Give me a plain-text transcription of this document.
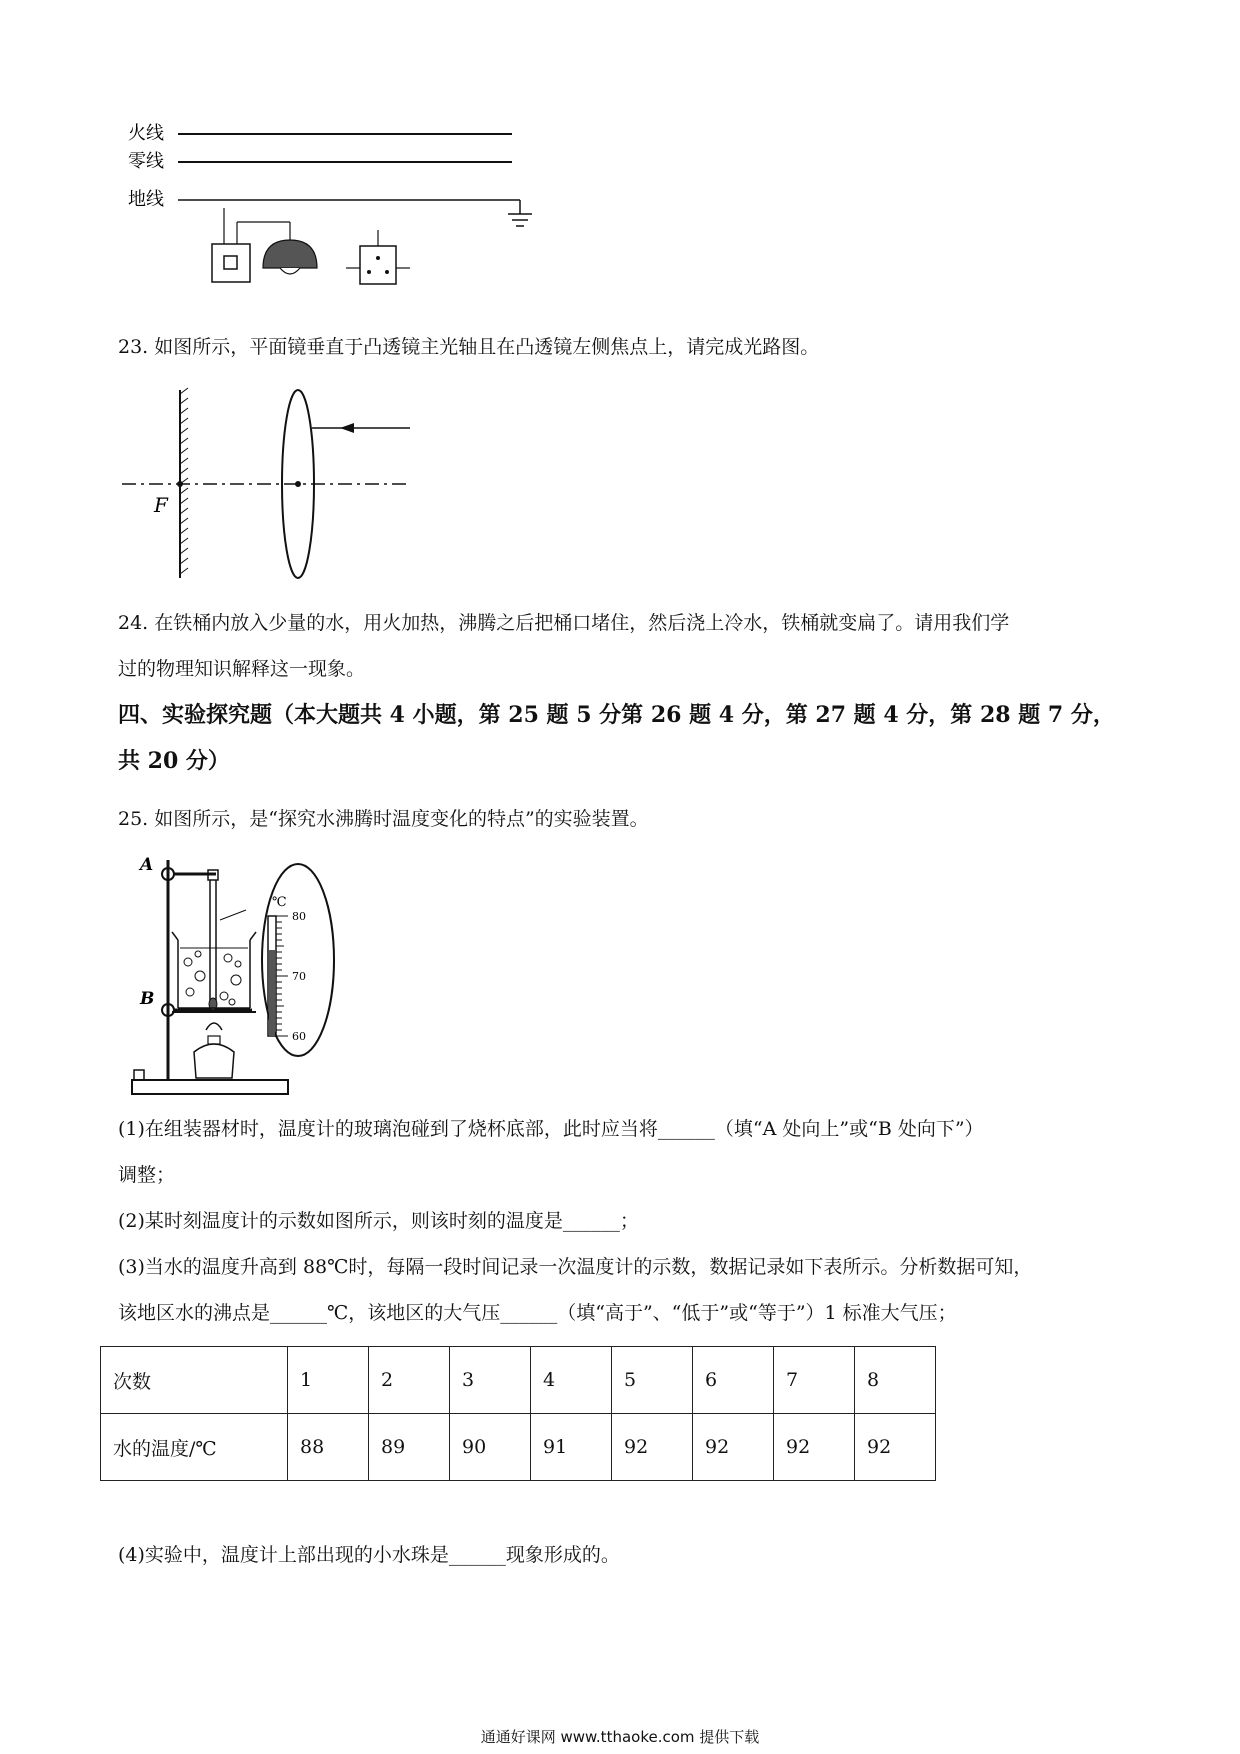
火线
零线
地线
23. 如图所示，平面镜垂直于凸透镜主光轴且在凸透镜左侧焦点上，请完成光路图。
F
24. 在铁桶内放入少量的水，用火加热，沸腾之后把桶口堵住，然后浇上冷水，铁桶就变扁了。请用我们学
过的物理知识解释这一现象。
四、实验探究题（本大题共 4 小题，第 25 题 5 分第 26 题 4 分，第 27 题 4 分，第 28 题 7 分，
共 20 分）
25. 如图所示，是“探究水沸腾时温度变化的特点”的实验装置。
A
B
℃
80
70
60
(1)在组装器材时，温度计的玻璃泡碰到了烧杯底部，此时应当将______（填“A 处向上”或“B 处向下”）
调整；
(2)某时刻温度计的示数如图所示，则该时刻的温度是______；
(3)当水的温度升高到 88℃时，每隔一段时间记录一次温度计的示数，数据记录如下表所示。分析数据可知，
该地区水的沸点是______℃，该地区的大气压______（填“高于”、“低于”或“等于”）1 标准大气压；
次数	1	2	3	4	5	6	7	8
水的温度/℃	88	89	90	91	92	92	92	92
(4)实验中，温度计上部出现的小水珠是______现象形成的。
通通好课网 www.tthaoke.com 提供下载
